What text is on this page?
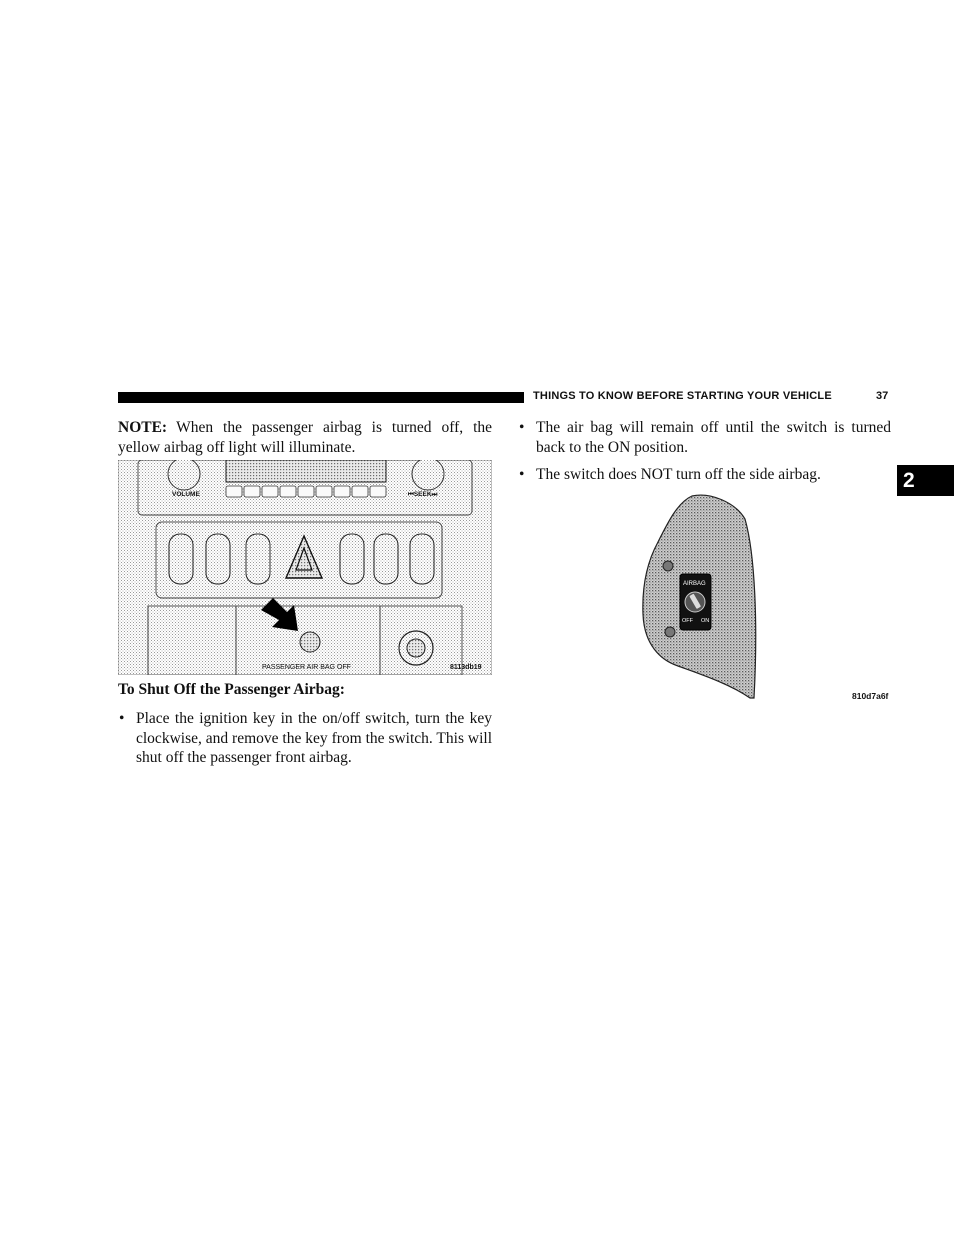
THINGS TO KNOW BEFORE STARTING YOUR VEHICLE	37
2
NOTE: When the passenger airbag is turned off, the yellow airbag off light will illuminate.
VOLUME	⏮SEEK⏭
PASSENGER AIR BAG OFF	8113db19
To Shut Off the Passenger Airbag:
• Place the ignition key in the on/off switch, turn the key clockwise, and remove the key from the switch. This will shut off the passenger front airbag.
• The air bag will remain off until the switch is turned back to the ON position.
• The switch does NOT turn off the side airbag.
AIRBAG
OFF ON
810d7a6f
